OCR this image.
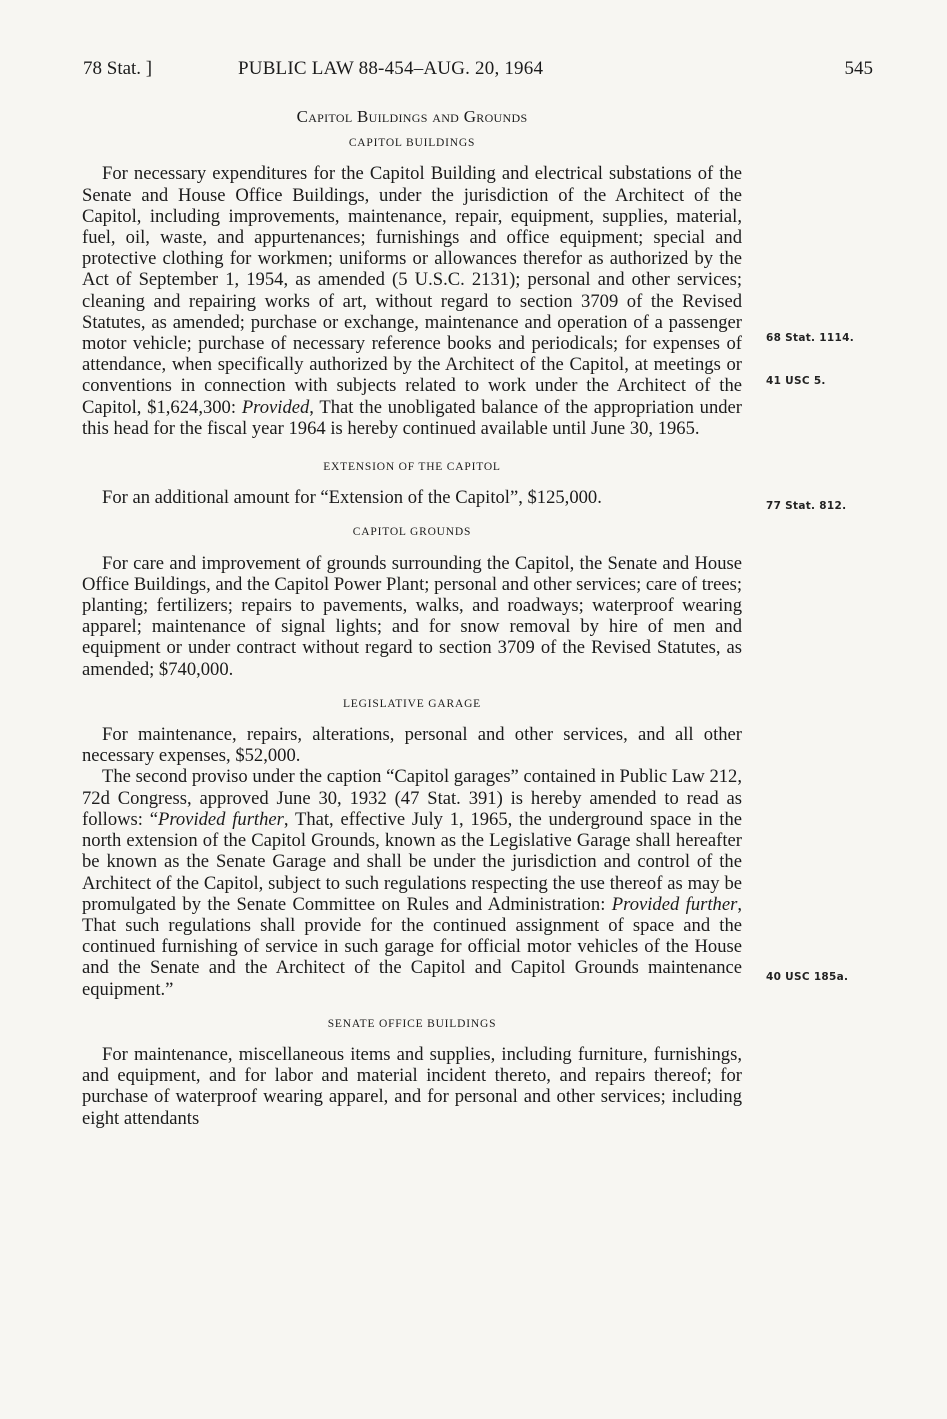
78 Stat. ]	PUBLIC LAW 88-454–AUG. 20, 1964	545
Capitol Buildings and Grounds
CAPITOL BUILDINGS

For necessary expenditures for the Capitol Building and electrical substations of the Senate and House Office Buildings, under the jurisdiction of the Architect of the Capitol, including improvements, maintenance, repair, equipment, supplies, material, fuel, oil, waste, and appurtenances; furnishings and office equipment; special and protective clothing for workmen; uniforms or allowances therefor as authorized by the Act of September 1, 1954, as amended (5 U.S.C. 2131); personal and other services; cleaning and repairing works of art, without regard to section 3709 of the Revised Statutes, as amended; purchase or exchange, maintenance and operation of a passenger motor vehicle; purchase of necessary reference books and periodicals; for expenses of attendance, when specifically authorized by the Architect of the Capitol, at meetings or conventions in connection with subjects related to work under the Architect of the Capitol, $1,624,300: Provided, That the unobligated balance of the appropriation under this head for the fiscal year 1964 is hereby continued available until June 30, 1965.

EXTENSION OF THE CAPITOL

For an additional amount for “Extension of the Capitol”, $125,000.

CAPITOL GROUNDS

For care and improvement of grounds surrounding the Capitol, the Senate and House Office Buildings, and the Capitol Power Plant; personal and other services; care of trees; planting; fertilizers; repairs to pavements, walks, and roadways; waterproof wearing apparel; maintenance of signal lights; and for snow removal by hire of men and equipment or under contract without regard to section 3709 of the Revised Statutes, as amended; $740,000.

LEGISLATIVE GARAGE

For maintenance, repairs, alterations, personal and other services, and all other necessary expenses, $52,000.

The second proviso under the caption “Capitol garages” contained in Public Law 212, 72d Congress, approved June 30, 1932 (47 Stat. 391) is hereby amended to read as follows: “Provided further, That, effective July 1, 1965, the underground space in the north extension of the Capitol Grounds, known as the Legislative Garage shall hereafter be known as the Senate Garage and shall be under the jurisdiction and control of the Architect of the Capitol, subject to such regulations respecting the use thereof as may be promulgated by the Senate Committee on Rules and Administration: Provided further, That such regulations shall provide for the continued assignment of space and the continued furnishing of service in such garage for official motor vehicles of the House and the Senate and the Architect of the Capitol and Capitol Grounds maintenance equipment.”

SENATE OFFICE BUILDINGS

For maintenance, miscellaneous items and supplies, including furniture, furnishings, and equipment, and for labor and material incident thereto, and repairs thereof; for purchase of waterproof wearing apparel, and for personal and other services; including eight attendants

68 Stat. 1114.
41 USC 5.
77 Stat. 812.
40 USC 185a.
